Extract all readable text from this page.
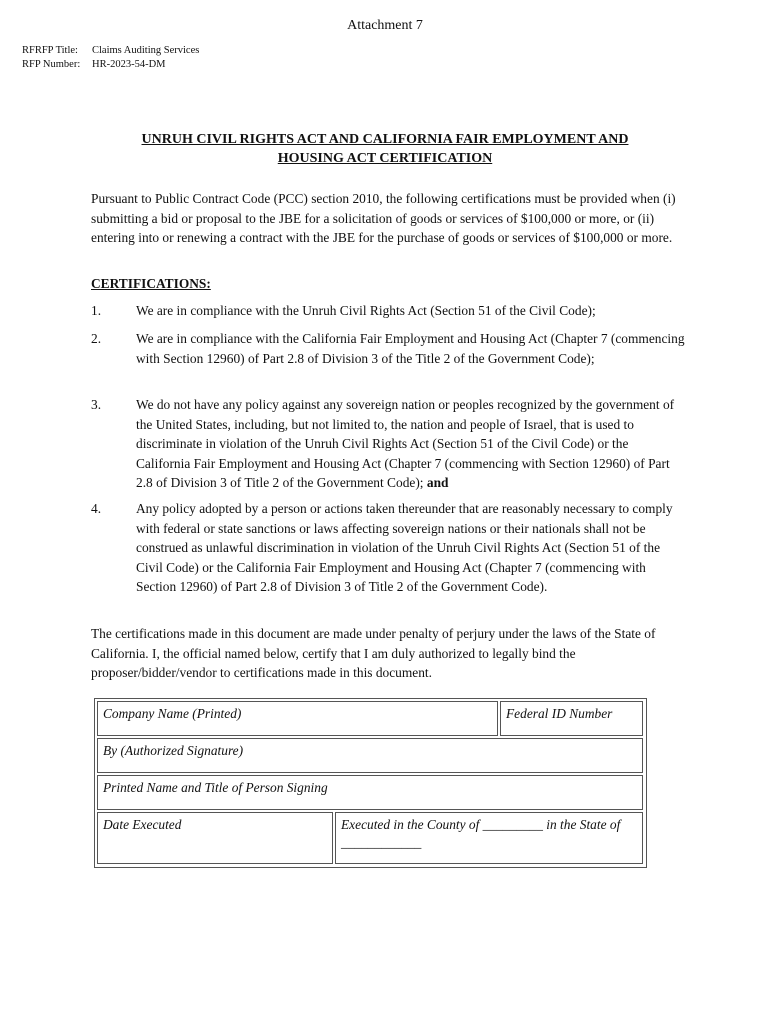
Attachment 7
RFRFP Title: Claims Auditing Services
RFP Number: HR-2023-54-DM
UNRUH CIVIL RIGHTS ACT AND CALIFORNIA FAIR EMPLOYMENT AND
HOUSING ACT CERTIFICATION
Pursuant to Public Contract Code (PCC) section 2010, the following certifications must be provided when (i) submitting a bid or proposal to the JBE for a solicitation of goods or services of $100,000 or more, or (ii) entering into or renewing a contract with the JBE for the purchase of goods or services of $100,000 or more.
CERTIFICATIONS:
1.	We are in compliance with the Unruh Civil Rights Act (Section 51 of the Civil Code);
2.	We are in compliance with the California Fair Employment and Housing Act (Chapter 7 (commencing with Section 12960) of Part 2.8 of Division 3 of the Title 2 of the Government Code);
3.	We do not have any policy against any sovereign nation or peoples recognized by the government of the United States, including, but not limited to, the nation and people of Israel, that is used to discriminate in violation of the Unruh Civil Rights Act (Section 51 of the Civil Code) or the California Fair Employment and Housing Act (Chapter 7 (commencing with Section 12960) of Part 2.8 of Division 3 of Title 2 of the Government Code); and
4.	Any policy adopted by a person or actions taken thereunder that are reasonably necessary to comply with federal or state sanctions or laws affecting sovereign nations or their nationals shall not be construed as unlawful discrimination in violation of the Unruh Civil Rights Act (Section 51 of the Civil Code) or the California Fair Employment and Housing Act (Chapter 7 (commencing with Section 12960) of Part 2.8 of Division 3 of Title 2 of the Government Code).
The certifications made in this document are made under penalty of perjury under the laws of the State of California. I, the official named below, certify that I am duly authorized to legally bind the proposer/bidder/vendor to certifications made in this document.
Company Name (Printed)	Federal ID Number
By (Authorized Signature)
Printed Name and Title of Person Signing
Date Executed	Executed in the County of _________ in the State of ____________
